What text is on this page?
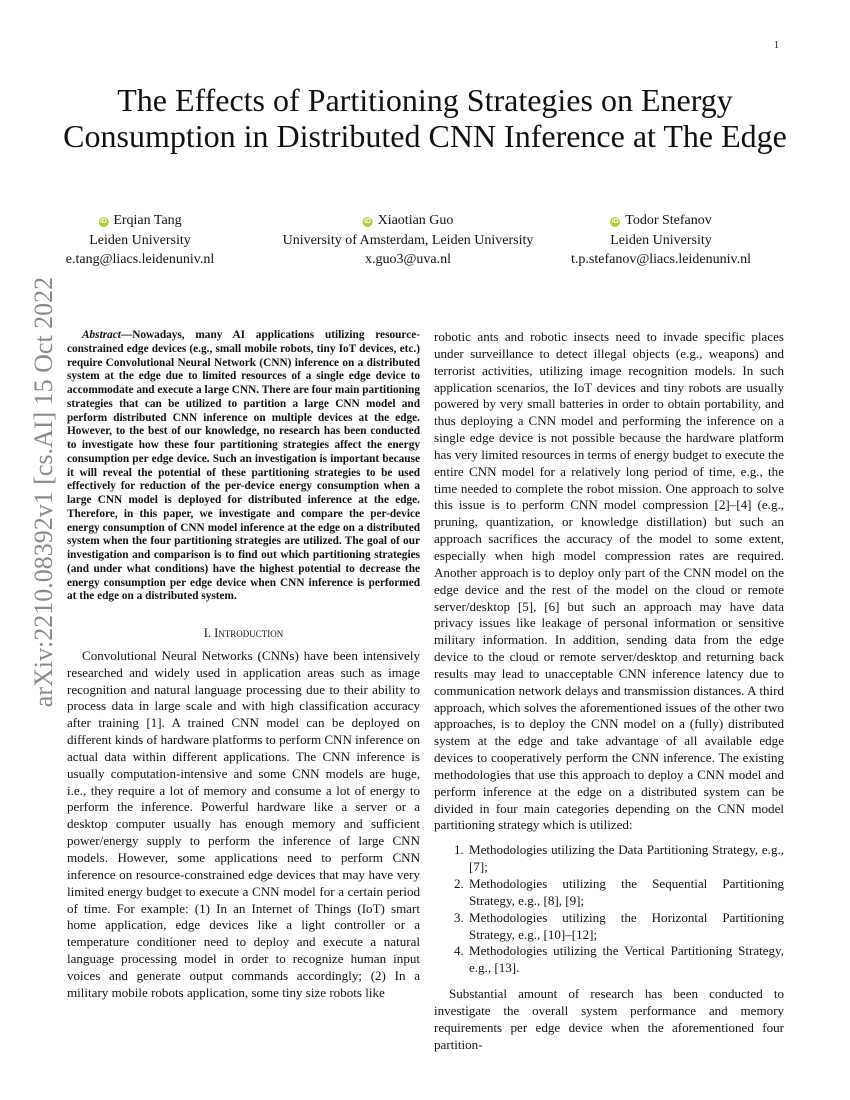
1
arXiv:2210.08392v1 [cs.AI] 15 Oct 2022
The Effects of Partitioning Strategies on Energy Consumption in Distributed CNN Inference at The Edge
iD Erqian Tang
Leiden University
e.tang@liacs.leidenuniv.nl
iD Xiaotian Guo
University of Amsterdam, Leiden University
x.guo3@uva.nl
iD Todor Stefanov
Leiden University
t.p.stefanov@liacs.leidenuniv.nl

Abstract—Nowadays, many AI applications utilizing resource-constrained edge devices (e.g., small mobile robots, tiny IoT devices, etc.) require Convolutional Neural Network (CNN) inference on a distributed system at the edge due to limited resources of a single edge device to accommodate and execute a large CNN. There are four main partitioning strategies that can be utilized to partition a large CNN model and perform distributed CNN inference on multiple devices at the edge. However, to the best of our knowledge, no research has been conducted to investigate how these four partitioning strategies affect the energy consumption per edge device. Such an investigation is important because it will reveal the potential of these partitioning strategies to be used effectively for reduction of the per-device energy consumption when a large CNN model is deployed for distributed inference at the edge. Therefore, in this paper, we investigate and compare the per-device energy consumption of CNN model inference at the edge on a distributed system when the four partitioning strategies are utilized. The goal of our investigation and comparison is to find out which partitioning strategies (and under what conditions) have the highest potential to decrease the energy consumption per edge device when CNN inference is performed at the edge on a distributed system.

I. Introduction

Convolutional Neural Networks (CNNs) have been intensively researched and widely used in application areas such as image recognition and natural language processing due to their ability to process data in large scale and with high classification accuracy after training [1]. A trained CNN model can be deployed on different kinds of hardware platforms to perform CNN inference on actual data within different applications. The CNN inference is usually computation-intensive and some CNN models are huge, i.e., they require a lot of memory and consume a lot of energy to perform the inference. Powerful hardware like a server or a desktop computer usually has enough memory and sufficient power/energy supply to perform the inference of large CNN models. However, some applications need to perform CNN inference on resource-constrained edge devices that may have very limited energy budget to execute a CNN model for a certain period of time. For example: (1) In an Internet of Things (IoT) smart home application, edge devices like a light controller or a temperature conditioner need to deploy and execute a natural language processing model in order to recognize human input voices and generate output commands accordingly; (2) In a military mobile robots application, some tiny size robots like

robotic ants and robotic insects need to invade specific places under surveillance to detect illegal objects (e.g., weapons) and terrorist activities, utilizing image recognition models. In such application scenarios, the IoT devices and tiny robots are usually powered by very small batteries in order to obtain portability, and thus deploying a CNN model and performing the inference on a single edge device is not possible because the hardware platform has very limited resources in terms of energy budget to execute the entire CNN model for a relatively long period of time, e.g., the time needed to complete the robot mission. One approach to solve this issue is to perform CNN model compression [2]–[4] (e.g., pruning, quantization, or knowledge distillation) but such an approach sacrifices the accuracy of the model to some extent, especially when high model compression rates are required. Another approach is to deploy only part of the CNN model on the edge device and the rest of the model on the cloud or remote server/desktop [5], [6] but such an approach may have data privacy issues like leakage of personal information or sensitive military information. In addition, sending data from the edge device to the cloud or remote server/desktop and returning back results may lead to unacceptable CNN inference latency due to communication network delays and transmission distances. A third approach, which solves the aforementioned issues of the other two approaches, is to deploy the CNN model on a (fully) distributed system at the edge and take advantage of all available edge devices to cooperatively perform the CNN inference. The existing methodologies that use this approach to deploy a CNN model and perform inference at the edge on a distributed system can be divided in four main categories depending on the CNN model partitioning strategy which is utilized:

1. Methodologies utilizing the Data Partitioning Strategy, e.g., [7];
2. Methodologies utilizing the Sequential Partitioning Strategy, e.g., [8], [9];
3. Methodologies utilizing the Horizontal Partitioning Strategy, e.g., [10]–[12];
4. Methodologies utilizing the Vertical Partitioning Strategy, e.g., [13].

Substantial amount of research has been conducted to investigate the overall system performance and memory requirements per edge device when the aforementioned four partition-
